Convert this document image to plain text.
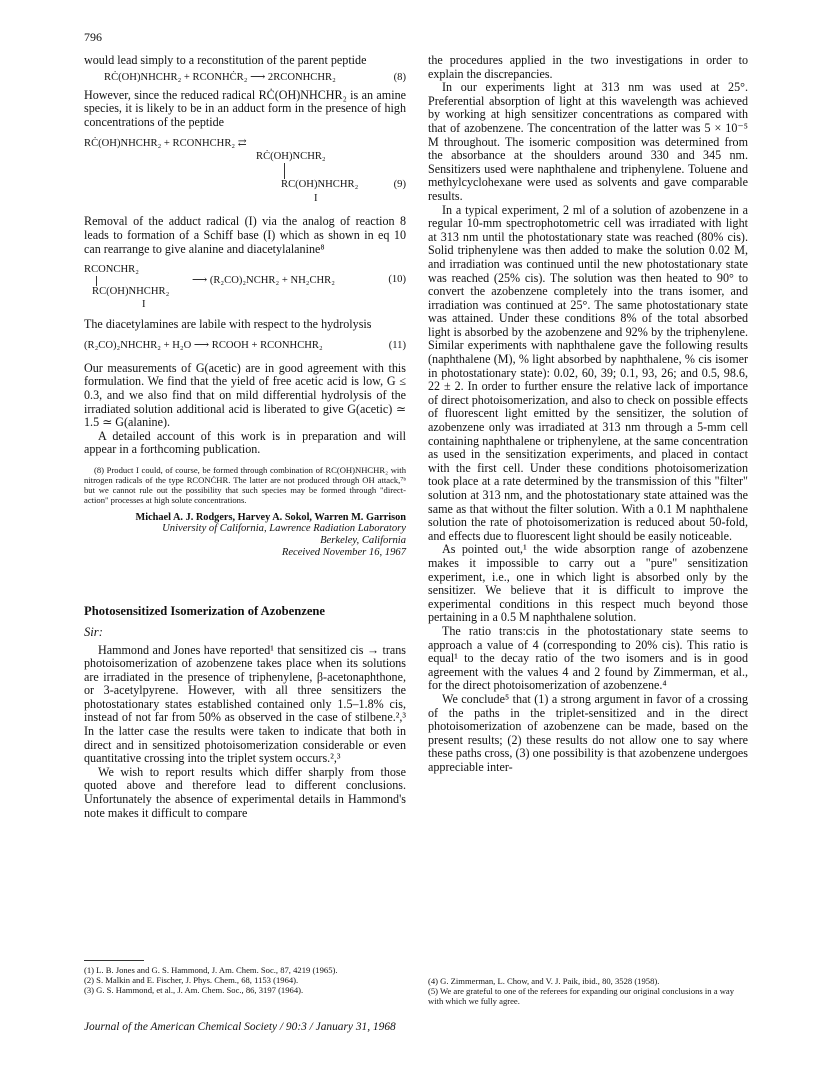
796

would lead simply to a reconstitution of the parent peptide

RĊ(OH)NHCHR₂ + RCONHĊR₂ ⟶ 2RCONHCHR₂	(8)

However, since the reduced radical RĊ(OH)NHCHR₂ is an amine species, it is likely to be in an adduct form in the presence of high concentrations of the peptide

RĊ(OH)NHCHR₂ + RCONHCHR₂ ⇄
RĊ(OH)NCHR₂
RC(OH)NHCHR₂	(9)
I

Removal of the adduct radical (I) via the analog of reaction 8 leads to formation of a Schiff base (I) which as shown in eq 10 can rearrange to give alanine and diacetylalanine⁸

RCONCHR₂
RC(OH)NHCHR₂
I
⟶ (R₂CO)₂NCHR₂ + NH₂CHR₂	(10)

The diacetylamines are labile with respect to the hydrolysis

(R₂CO)₂NHCHR₂ + H₂O ⟶ RCOOH + RCONHCHR₂	(11)

Our measurements of G(acetic) are in good agreement with this formulation. We find that the yield of free acetic acid is low, G ≤ 0.3, and we also find that on mild differential hydrolysis of the irradiated solution additional acid is liberated to give G(acetic) ≃ 1.5 ≃ G(alanine).

A detailed account of this work is in preparation and will appear in a forthcoming publication.

(8) Product I could, of course, be formed through combination of RC(OH)NHCHR₂ with nitrogen radicals of the type RCONĊHR. The latter are not produced through OH attack,⁷ᵇ but we cannot rule out the possibility that such species may be formed through "direct-action" processes at high solute concentrations.

Michael A. J. Rodgers, Harvey A. Sokol, Warren M. Garrison
University of California, Lawrence Radiation Laboratory
Berkeley, California
Received November 16, 1967
Photosensitized Isomerization of Azobenzene
Sir:

Hammond and Jones have reported¹ that sensitized cis → trans photoisomerization of azobenzene takes place when its solutions are irradiated in the presence of triphenylene, β-acetonaphthone, or 3-acetylpyrene. However, with all three sensitizers the photostationary states established contained only 1.5–1.8% cis, instead of not far from 50% as observed in the case of stilbene.²,³ In the latter case the results were taken to indicate that both in direct and in sensitized photoisomerization considerable or even quantitative crossing into the triplet system occurs.²,³

We wish to report results which differ sharply from those quoted above and therefore lead to different conclusions. Unfortunately the absence of experimental details in Hammond's note makes it difficult to compare

the procedures applied in the two investigations in order to explain the discrepancies.

In our experiments light at 313 nm was used at 25°. Preferential absorption of light at this wavelength was achieved by working at high sensitizer concentrations as compared with that of azobenzene. The concentration of the latter was 5 × 10⁻⁵ M throughout. The isomeric composition was determined from the absorbance at the shoulders around 330 and 345 nm. Sensitizers used were naphthalene and triphenylene. Toluene and methylcyclohexane were used as solvents and gave comparable results.

In a typical experiment, 2 ml of a solution of azobenzene in a regular 10-mm spectrophotometric cell was irradiated with light at 313 nm until the photostationary state was reached (80% cis). Solid triphenylene was then added to make the solution 0.02 M, and irradiation was continued until the new photostationary state was reached (25% cis). The solution was then heated to 90° to convert the azobenzene completely into the trans isomer, and irradiation was continued at 25°. The same photostationary state was attained. Under these conditions 8% of the total absorbed light is absorbed by the azobenzene and 92% by the triphenylene. Similar experiments with naphthalene gave the following results (naphthalene (M), % light absorbed by naphthalene, % cis isomer in photostationary state): 0.02, 60, 39; 0.1, 93, 26; and 0.5, 98.6, 22 ± 2. In order to further ensure the relative lack of importance of direct photoisomerization, and also to check on possible effects of fluorescent light emitted by the sensitizer, the solution of azobenzene only was irradiated at 313 nm through a 5-mm cell containing naphthalene or triphenylene, at the same concentration as used in the sensitization experiments, and placed in contact with the first cell. Under these conditions photoisomerization took place at a rate determined by the transmission of this "filter" solution at 313 nm, and the photostationary state attained was the same as that without the filter solution. With a 0.1 M naphthalene solution the rate of photoisomerization is reduced about 50-fold, and effects due to fluorescent light should be easily noticeable.

As pointed out,¹ the wide absorption range of azobenzene makes it impossible to carry out a "pure" sensitization experiment, i.e., one in which light is absorbed only by the sensitizer. We believe that it is difficult to improve the experimental conditions in this respect much beyond those pertaining in a 0.5 M naphthalene solution.

The ratio trans:cis in the photostationary state seems to approach a value of 4 (corresponding to 20% cis). This ratio is equal¹ to the decay ratio of the two isomers and is in good agreement with the values 4 and 2 found by Zimmerman, et al., for the direct photoisomerization of azobenzene.⁴

We conclude⁵ that (1) a strong argument in favor of a crossing of the paths in the triplet-sensitized and in the direct photoisomerization of azobenzene can be made, based on the present results; (2) these results do not allow one to say where these paths cross, (3) one possibility is that azobenzene undergoes appreciable inter-

(1) L. B. Jones and G. S. Hammond, J. Am. Chem. Soc., 87, 4219 (1965).
(2) S. Malkin and E. Fischer, J. Phys. Chem., 68, 1153 (1964).
(3) G. S. Hammond, et al., J. Am. Chem. Soc., 86, 3197 (1964).
(4) G. Zimmerman, L. Chow, and V. J. Paik, ibid., 80, 3528 (1958).
(5) We are grateful to one of the referees for expanding our original conclusions in a way with which we fully agree.
Journal of the American Chemical Society / 90:3 / January 31, 1968
